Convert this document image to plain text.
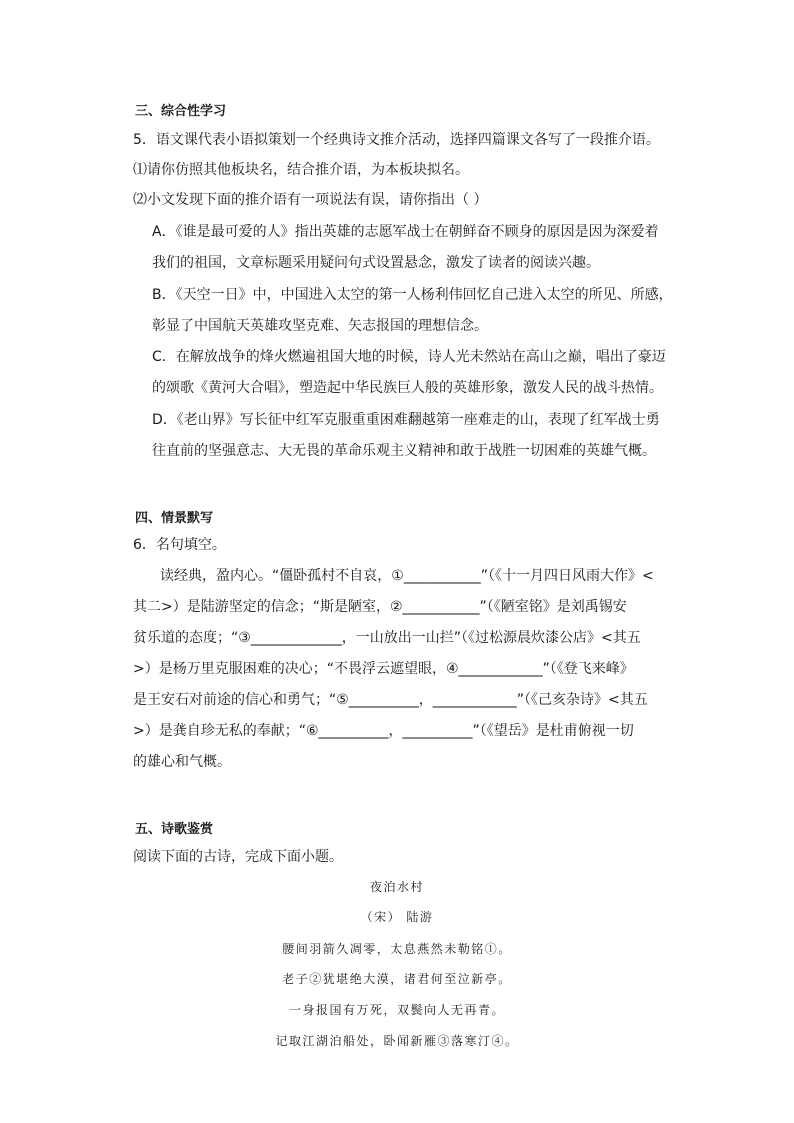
三、综合性学习
5．语文课代表小语拟策划一个经典诗文推介活动，选择四篇课文各写了一段推介语。
⑴请你仿照其他板块名，结合推介语，为本板块拟名。
⑵小文发现下面的推介语有一项说法有误，请你指出（ ）
A．《谁是最可爱的人》指出英雄的志愿军战士在朝鲜奋不顾身的原因是因为深爱着
我们的祖国，文章标题采用疑问句式设置悬念，激发了读者的阅读兴趣。
B．《天空一日》中，中国进入太空的第一人杨利伟回忆自己进入太空的所见、所感，
彰显了中国航天英雄攻坚克难、矢志报国的理想信念。
C．在解放战争的烽火燃遍祖国大地的时候，诗人光未然站在高山之巅，唱出了豪迈
的颂歌《黄河大合唱》，塑造起中华民族巨人般的英雄形象，激发人民的战斗热情。
D．《老山界》写长征中红军克服重重困难翻越第一座难走的山，表现了红军战士勇
往直前的坚强意志、大无畏的革命乐观主义精神和敢于战胜一切困难的英雄气概。
四、情景默写
6．名句填空。
读经典，盈内心。“僵卧孤村不自哀，①___________”（《十一月四日风雨大作》<
其二>）是陆游坚定的信念；“斯是陋室，②___________”（《陋室铭》是刘禹锡安
贫乐道的态度；“③_____________，一山放出一山拦”（《过松源晨炊漆公店》<其五
>）是杨万里克服困难的决心；“不畏浮云遮望眼，④____________”（《登飞来峰》
是王安石对前途的信心和勇气；“⑤__________，____________”（《己亥杂诗》<其五
>）是龚自珍无私的奉献；“⑥__________，__________”（《望岳》是杜甫俯视一切
的雄心和气概。
五、诗歌鉴赏
阅读下面的古诗，完成下面小题。
夜泊水村
（宋） 陆游
腰间羽箭久凋零，太息燕然未勒铭①。
老子②犹堪绝大漠，诸君何至泣新亭。
一身报国有万死，双鬓向人无再青。
记取江湖泊船处，卧闻新雁③落寒汀④。
